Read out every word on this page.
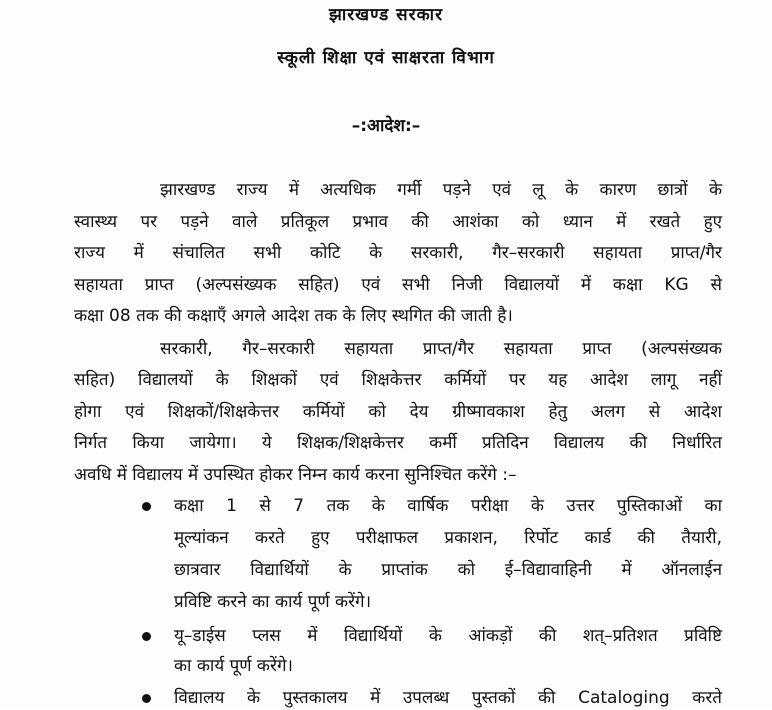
झारखण्ड सरकार
स्कूली शिक्षा एवं साक्षरता विभाग
–:आदेश:–
झारखण्ड राज्य में अत्यधिक गर्मी पड़ने एवं लू के कारण छात्रों के
स्वास्थ्य पर पड़ने वाले प्रतिकूल प्रभाव की आशंका को ध्यान में रखते हुए
राज्य में संचालित सभी कोटि के सरकारी, गैर–सरकारी सहायता प्राप्त/गैर
सहायता प्राप्त (अल्पसंख्यक सहित) एवं सभी निजी विद्यालयों में कक्षा KG से
कक्षा 08 तक की कक्षाएँ अगले आदेश तक के लिए स्थगित की जाती है।
सरकारी, गैर–सरकारी सहायता प्राप्त/गैर सहायता प्राप्त (अल्पसंख्यक
सहित) विद्यालयों के शिक्षकों एवं शिक्षकेत्तर कर्मियों पर यह आदेश लागू नहीं
होगा एवं शिक्षकों/शिक्षकेत्तर कर्मियों को देय ग्रीष्मावकाश हेतु अलग से आदेश
निर्गत किया जायेगा। ये शिक्षक/शिक्षकेत्तर कर्मी प्रतिदिन विद्यालय की निर्धारित
अवधि में विद्यालय में उपस्थित होकर निम्न कार्य करना सुनिश्चित करेंगे :–
कक्षा 1 से 7 तक के वार्षिक परीक्षा के उत्तर पुस्तिकाओं का
मूल्यांकन करते हुए परीक्षाफल प्रकाशन, रिर्पोट कार्ड की तैयारी,
छात्रवार विद्यार्थियों के प्राप्तांक को ई–विद्यावाहिनी में ऑनलाईन
प्रविष्टि करने का कार्य पूर्ण करेंगे।
यू–डाईस प्लस में विद्यार्थियों के आंकड़ों की शत्–प्रतिशत प्रविष्टि
का कार्य पूर्ण करेंगे।
विद्यालय के पुस्तकालय में उपलब्ध पुस्तकों की Cataloging करते
